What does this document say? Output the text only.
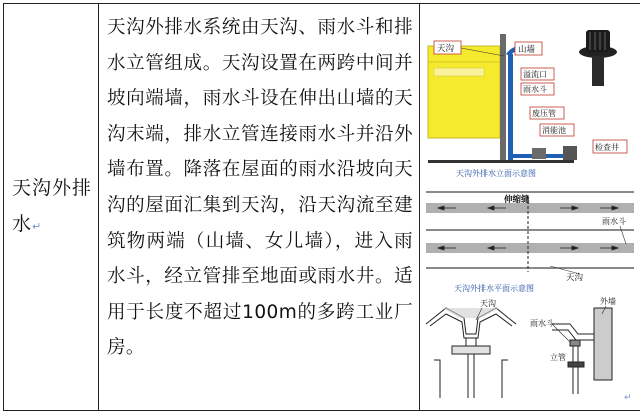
天沟外排水↵

天沟外排水系统由天沟、雨水斗和排水立管组成。天沟设置在两跨中间并坡向端墙，雨水斗设在伸出山墙的天沟末端，排水立管连接雨水斗并沿外墙布置。降落在屋面的雨水沿坡向天沟的屋面汇集到天沟，沿天沟流至建筑物两端（山墙、女儿墙），进入雨水斗，经立管排至地面或雨水井。适用于长度不超过100m的多跨工业厂房。

天沟	山墙
溢流口
雨水斗
废压管
消能池
检查井
天沟外排水立面示意图
伸缩缝
雨水斗
天沟
天沟外排水平面示意图
天沟	外墙
雨水斗
立管
↵
